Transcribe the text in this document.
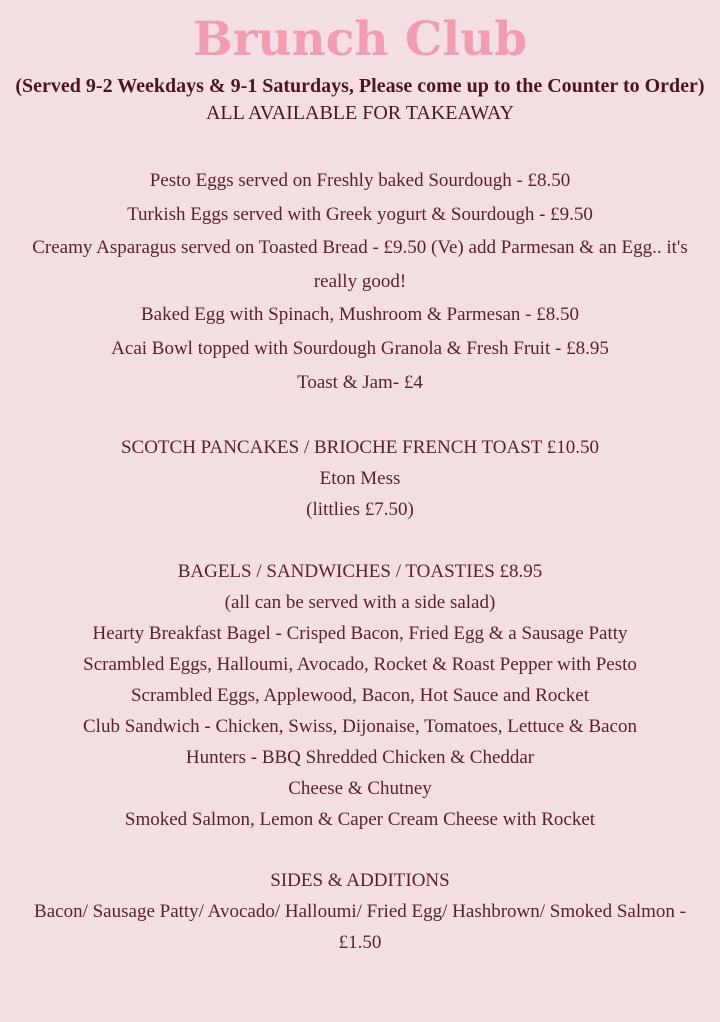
Brunch Club
(Served 9-2 Weekdays & 9-1 Saturdays, Please come up to the Counter to Order)
ALL AVAILABLE FOR TAKEAWAY
Pesto Eggs served on Freshly baked Sourdough - £8.50
Turkish Eggs served with Greek yogurt & Sourdough - £9.50
Creamy Asparagus served on Toasted Bread - £9.50 (Ve) add Parmesan & an Egg.. it's really good!
Baked Egg with Spinach, Mushroom & Parmesan - £8.50
Acai Bowl topped with Sourdough Granola & Fresh Fruit - £8.95
Toast & Jam- £4
SCOTCH PANCAKES / BRIOCHE FRENCH TOAST £10.50
Eton Mess
(littlies £7.50)
BAGELS / SANDWICHES / TOASTIES £8.95
(all can be served with a side salad)
Hearty Breakfast Bagel - Crisped Bacon, Fried Egg & a Sausage Patty
Scrambled Eggs, Halloumi, Avocado, Rocket & Roast Pepper with Pesto
Scrambled Eggs, Applewood, Bacon, Hot Sauce and Rocket
Club Sandwich - Chicken, Swiss, Dijonaise, Tomatoes, Lettuce & Bacon
Hunters - BBQ Shredded Chicken & Cheddar
Cheese & Chutney
Smoked Salmon, Lemon & Caper Cream Cheese with Rocket
SIDES & ADDITIONS
Bacon/ Sausage Patty/ Avocado/ Halloumi/ Fried Egg/ Hashbrown/ Smoked Salmon - £1.50
